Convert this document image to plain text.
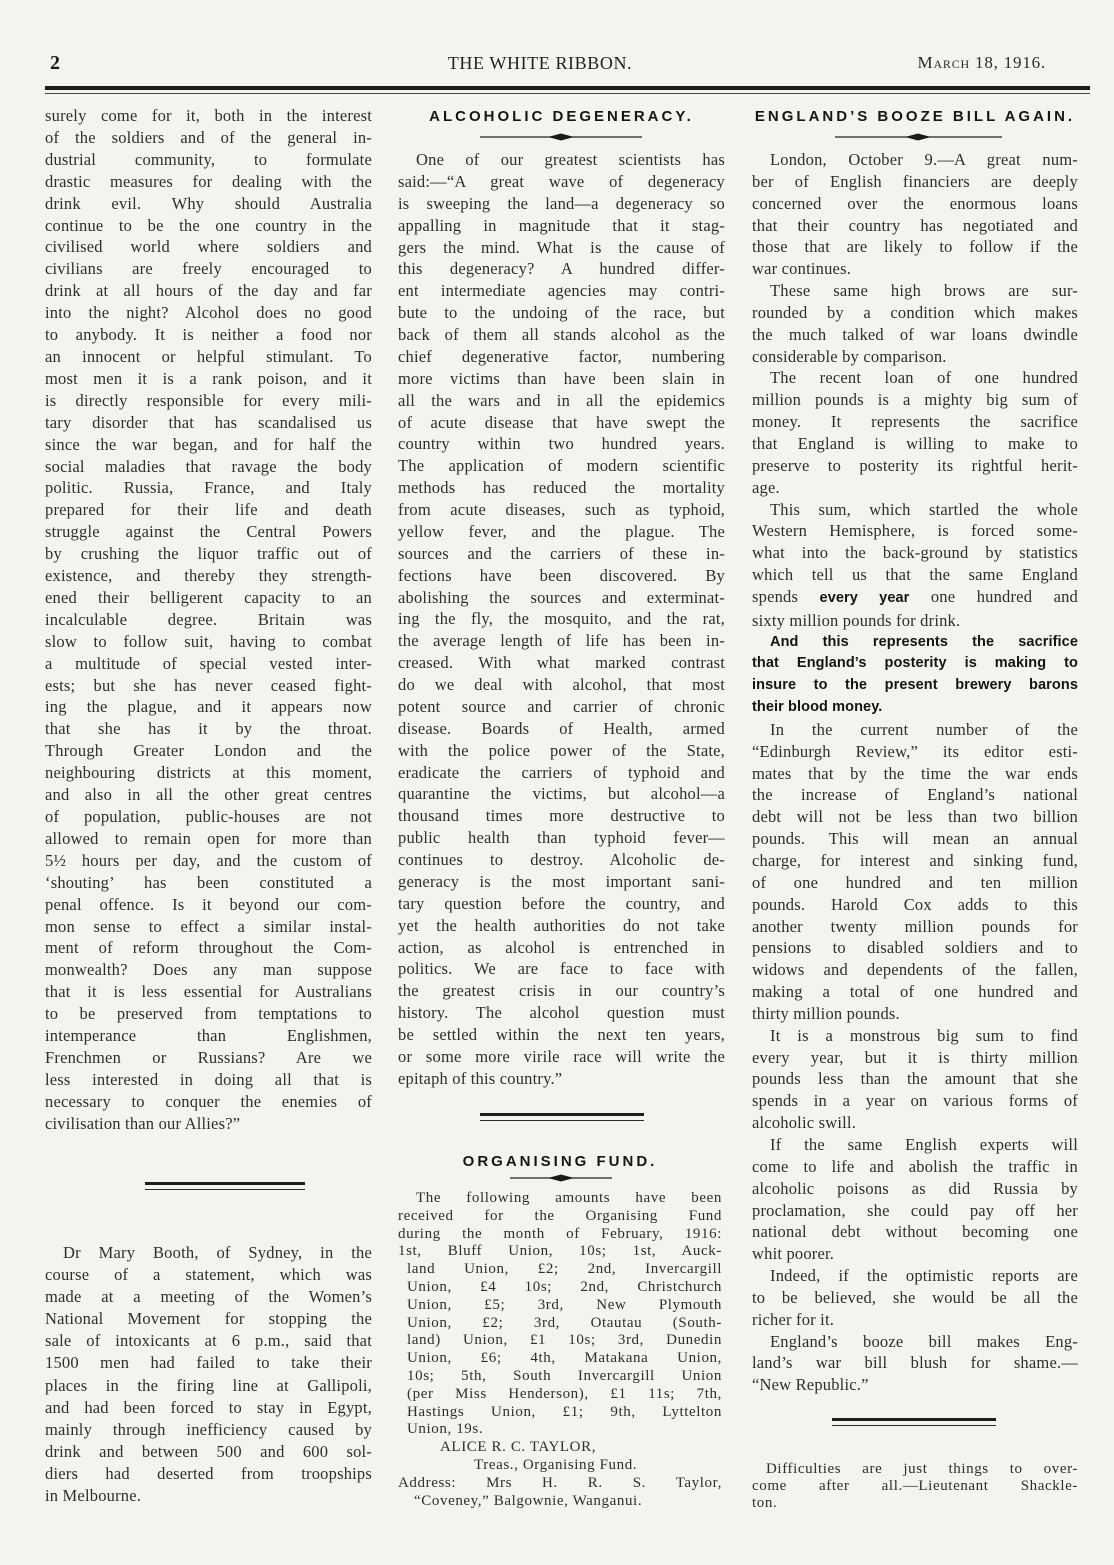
2	THE WHITE RIBBON.	March 18, 1916.
surely come for it, both in the interest
of the soldiers and of the general in-
dustrial community, to formulate
drastic measures for dealing with the
drink evil. Why should Australia
continue to be the one country in the
civilised world where soldiers and
civilians are freely encouraged to
drink at all hours of the day and far
into the night? Alcohol does no good
to anybody. It is neither a food nor
an innocent or helpful stimulant. To
most men it is a rank poison, and it
is directly responsible for every mili-
tary disorder that has scandalised us
since the war began, and for half the
social maladies that ravage the body
politic. Russia, France, and Italy
prepared for their life and death
struggle against the Central Powers
by crushing the liquor traffic out of
existence, and thereby they strength-
ened their belligerent capacity to an
incalculable degree. Britain was
slow to follow suit, having to combat
a multitude of special vested inter-
ests; but she has never ceased fight-
ing the plague, and it appears now
that she has it by the throat.
Through Greater London and the
neighbouring districts at this moment,
and also in all the other great centres
of population, public-houses are not
allowed to remain open for more than
5½ hours per day, and the custom of
‘shouting’ has been constituted a
penal offence. Is it beyond our com-
mon sense to effect a similar instal-
ment of reform throughout the Com-
monwealth? Does any man suppose
that it is less essential for Australians
to be preserved from temptations to
intemperance than Englishmen,
Frenchmen or Russians? Are we
less interested in doing all that is
necessary to conquer the enemies of
civilisation than our Allies?”
Dr Mary Booth, of Sydney, in the
course of a statement, which was
made at a meeting of the Women’s
National Movement for stopping the
sale of intoxicants at 6 p.m., said that
1500 men had failed to take their
places in the firing line at Gallipoli,
and had been forced to stay in Egypt,
mainly through inefficiency caused by
drink and between 500 and 600 sol-
diers had deserted from troopships
in Melbourne.
ALCOHOLIC DEGENERACY.
One of our greatest scientists has
said:—“A great wave of degeneracy
is sweeping the land—a degeneracy so
appalling in magnitude that it stag-
gers the mind. What is the cause of
this degeneracy? A hundred differ-
ent intermediate agencies may contri-
bute to the undoing of the race, but
back of them all stands alcohol as the
chief degenerative factor, numbering
more victims than have been slain in
all the wars and in all the epidemics
of acute disease that have swept the
country within two hundred years.
The application of modern scientific
methods has reduced the mortality
from acute diseases, such as typhoid,
yellow fever, and the plague. The
sources and the carriers of these in-
fections have been discovered. By
abolishing the sources and exterminat-
ing the fly, the mosquito, and the rat,
the average length of life has been in-
creased. With what marked contrast
do we deal with alcohol, that most
potent source and carrier of chronic
disease. Boards of Health, armed
with the police power of the State,
eradicate the carriers of typhoid and
quarantine the victims, but alcohol—a
thousand times more destructive to
public health than typhoid fever—
continues to destroy. Alcoholic de-
generacy is the most important sani-
tary question before the country, and
yet the health authorities do not take
action, as alcohol is entrenched in
politics. We are face to face with
the greatest crisis in our country’s
history. The alcohol question must
be settled within the next ten years,
or some more virile race will write the
epitaph of this country.”
ORGANISING FUND.
The following amounts have been
received for the Organising Fund
during the month of February, 1916:
1st, Bluff Union, 10s; 1st, Auck-
land Union, £2; 2nd, Invercargill
Union, £4 10s; 2nd, Christchurch
Union, £5; 3rd, New Plymouth
Union, £2; 3rd, Otautau (South-
land) Union, £1 10s; 3rd, Dunedin
Union, £6; 4th, Matakana Union,
10s; 5th, South Invercargill Union
(per Miss Henderson), £1 11s; 7th,
Hastings Union, £1; 9th, Lyttelton
Union, 19s.
ALICE R. C. TAYLOR,
Treas., Organising Fund.
Address: Mrs H. R. S. Taylor,
“Coveney,” Balgownie, Wanganui.
ENGLAND’S BOOZE BILL AGAIN.
London, October 9.—A great num-
ber of English financiers are deeply
concerned over the enormous loans
that their country has negotiated and
those that are likely to follow if the
war continues.
These same high brows are sur-
rounded by a condition which makes
the much talked of war loans dwindle
considerable by comparison.
The recent loan of one hundred
million pounds is a mighty big sum of
money. It represents the sacrifice
that England is willing to make to
preserve to posterity its rightful herit-
age.
This sum, which startled the whole
Western Hemisphere, is forced some-
what into the back-ground by statistics
which tell us that the same England
spends every year one hundred and
sixty million pounds for drink.
And this represents the sacrifice
that England’s posterity is making to
insure to the present brewery barons
their blood money.
In the current number of the
“Edinburgh Review,” its editor esti-
mates that by the time the war ends
the increase of England’s national
debt will not be less than two billion
pounds. This will mean an annual
charge, for interest and sinking fund,
of one hundred and ten million
pounds. Harold Cox adds to this
another twenty million pounds for
pensions to disabled soldiers and to
widows and dependents of the fallen,
making a total of one hundred and
thirty million pounds.
It is a monstrous big sum to find
every year, but it is thirty million
pounds less than the amount that she
spends in a year on various forms of
alcoholic swill.
If the same English experts will
come to life and abolish the traffic in
alcoholic poisons as did Russia by
proclamation, she could pay off her
national debt without becoming one
whit poorer.
Indeed, if the optimistic reports are
to be believed, she would be all the
richer for it.
England’s booze bill makes Eng-
land’s war bill blush for shame.—
“New Republic.”
Difficulties are just things to over-
come after all.—Lieutenant Shackle-
ton.
